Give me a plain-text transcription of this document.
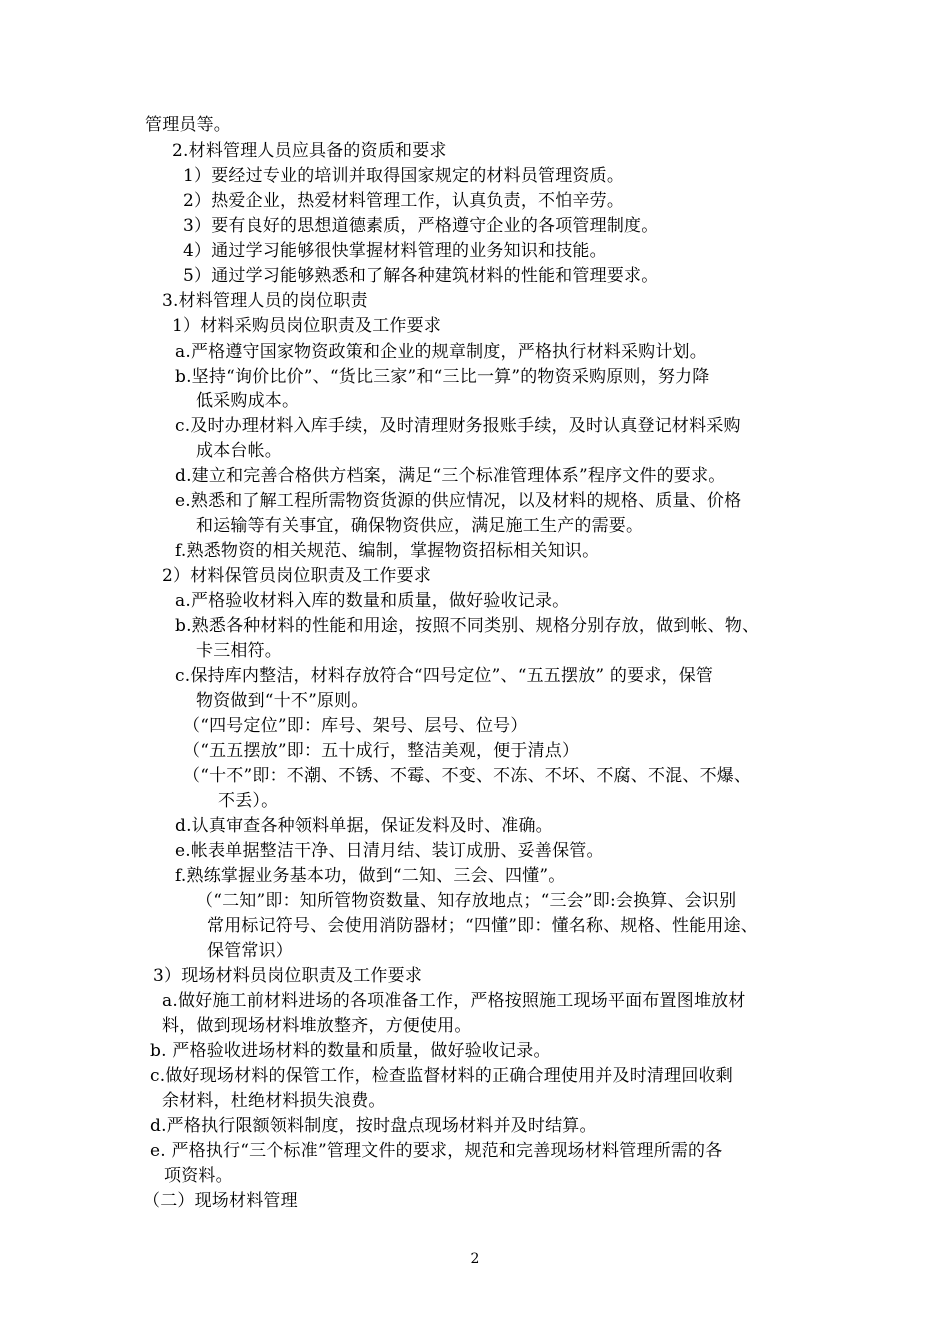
管理员等。
2.材料管理人员应具备的资质和要求
1）要经过专业的培训并取得国家规定的材料员管理资质。
2）热爱企业，热爱材料管理工作，认真负责，不怕辛劳。
3）要有良好的思想道德素质，严格遵守企业的各项管理制度。
4）通过学习能够很快掌握材料管理的业务知识和技能。
5）通过学习能够熟悉和了解各种建筑材料的性能和管理要求。
3.材料管理人员的岗位职责
1）材料采购员岗位职责及工作要求
a.严格遵守国家物资政策和企业的规章制度，严格执行材料采购计划。
b.坚持“询价比价”、“货比三家”和“三比一算”的物资采购原则，努力降
低采购成本。
c.及时办理材料入库手续，及时清理财务报账手续，及时认真登记材料采购
成本台帐。
d.建立和完善合格供方档案，满足“三个标准管理体系”程序文件的要求。
e.熟悉和了解工程所需物资货源的供应情况，以及材料的规格、质量、价格
和运输等有关事宜，确保物资供应，满足施工生产的需要。
f.熟悉物资的相关规范、编制，掌握物资招标相关知识。
2）材料保管员岗位职责及工作要求
a.严格验收材料入库的数量和质量，做好验收记录。
b.熟悉各种材料的性能和用途，按照不同类别、规格分别存放，做到帐、物、
卡三相符。
c.保持库内整洁，材料存放符合“四号定位”、“五五摆放” 的要求，保管
物资做到“十不”原则。
（“四号定位”即：库号、架号、层号、位号）
（“五五摆放”即：五十成行，整洁美观，便于清点）
（“十不”即：不潮、不锈、不霉、不变、不冻、不坏、不腐、不混、不爆、
不丢）。
d.认真审查各种领料单据，保证发料及时、准确。
e.帐表单据整洁干净、日清月结、装订成册、妥善保管。
f.熟练掌握业务基本功，做到“二知、三会、四懂”。
（“二知”即：知所管物资数量、知存放地点；“三会”即:会换算、会识别
常用标记符号、会使用消防器材；“四懂”即：懂名称、规格、性能用途、
保管常识）
3）现场材料员岗位职责及工作要求
a.做好施工前材料进场的各项准备工作，严格按照施工现场平面布置图堆放材
料，做到现场材料堆放整齐，方便使用。
b. 严格验收进场材料的数量和质量，做好验收记录。
c.做好现场材料的保管工作，检查监督材料的正确合理使用并及时清理回收剩
余材料，杜绝材料损失浪费。
d.严格执行限额领料制度，按时盘点现场材料并及时结算。
e. 严格执行“三个标准”管理文件的要求，规范和完善现场材料管理所需的各
项资料。
（二）现场材料管理
2
